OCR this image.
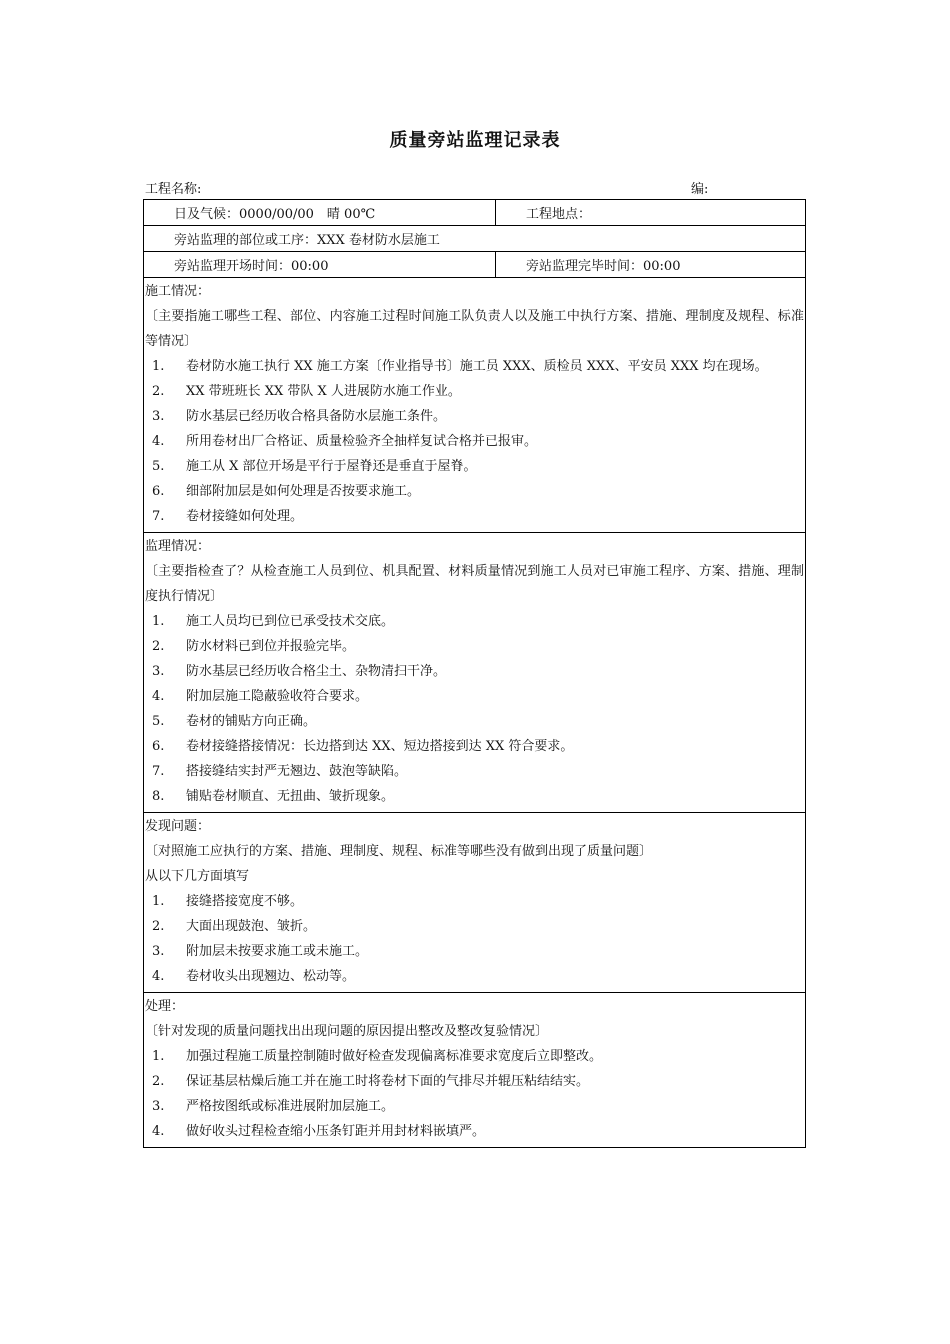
质量旁站监理记录表
工程名称:	编:
日及气候：0000/00/00　晴 00℃	工程地点：
旁站监理的部位或工序：XXX 卷材防水层施工
旁站监理开场时间：00:00	旁站监理完毕时间：00:00
施工情况：
〔主要指施工哪些工程、部位、内容施工过程时间施工队负责人以及施工中执行方案、措施、理制度及规程、标准等情况〕
1.	卷材防水施工执行 XX 施工方案〔作业指导书〕施工员 XXX、质检员 XXX、平安员 XXX 均在现场。
2.	XX 带班班长 XX 带队 X 人进展防水施工作业。
3.	防水基层已经历收合格具备防水层施工条件。
4.	所用卷材出厂合格证、质量检验齐全抽样复试合格并已报审。
5.	施工从 X 部位开场是平行于屋脊还是垂直于屋脊。
6.	细部附加层是如何处理是否按要求施工。
7.	卷材接缝如何处理。
监理情况：
〔主要指检查了？从检查施工人员到位、机具配置、材料质量情况到施工人员对已审施工程序、方案、措施、理制度执行情况〕
1.	施工人员均已到位已承受技术交底。
2.	防水材料已到位并报验完毕。
3.	防水基层已经历收合格尘土、杂物清扫干净。
4.	附加层施工隐蔽验收符合要求。
5.	卷材的铺贴方向正确。
6.	卷材接缝搭接情况：长边搭到达 XX、短边搭接到达 XX 符合要求。
7.	搭接缝结实封严无翘边、鼓泡等缺陷。
8.	铺贴卷材顺直、无扭曲、皱折现象。
发现问题：
〔对照施工应执行的方案、措施、理制度、规程、标准等哪些没有做到出现了质量问题〕
从以下几方面填写
1.	接缝搭接宽度不够。
2.	大面出现鼓泡、皱折。
3.	附加层未按要求施工或未施工。
4.	卷材收头出现翘边、松动等。
处理：
〔针对发现的质量问题找出出现问题的原因提出整改及整改复验情况〕
1.	加强过程施工质量控制随时做好检查发现偏离标准要求宽度后立即整改。
2.	保证基层枯燥后施工并在施工时将卷材下面的气排尽并辊压粘结结实。
3.	严格按图纸或标准进展附加层施工。
4.	做好收头过程检查缩小压条钉距并用封材料嵌填严。
